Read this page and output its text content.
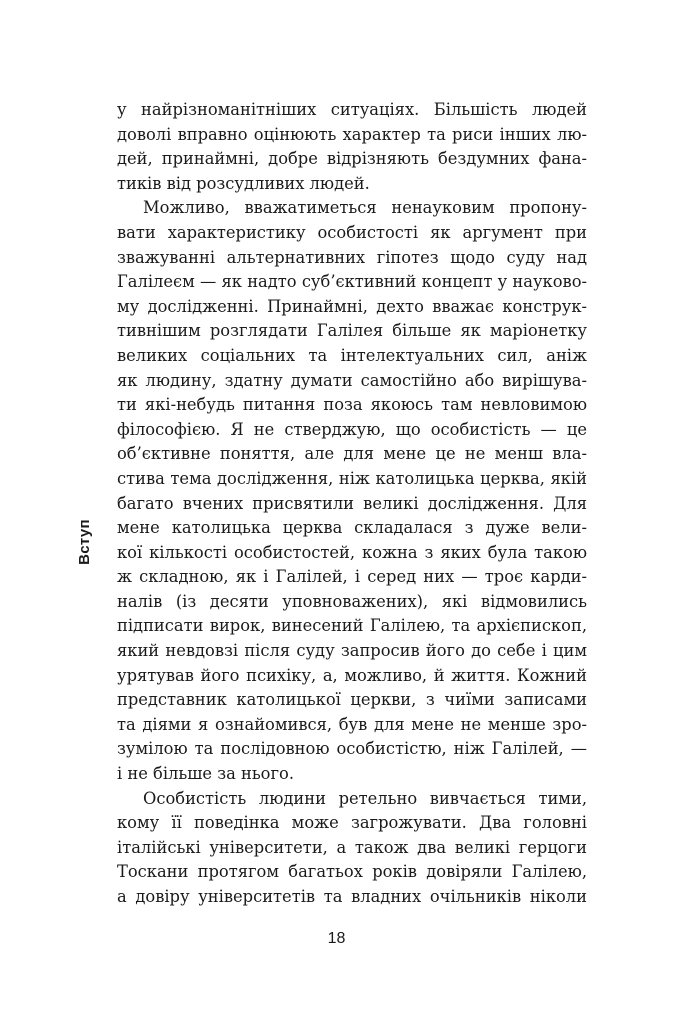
Вступ
у найрізноманітніших ситуаціях. Більшість людей
доволі вправно оцінюють характер та риси інших лю-
дей, принаймні, добре відрізняють бездумних фана-
тиків від розсудливих людей.
Можливо, вважатиметься ненауковим пропону-
вати характеристику особистості як аргумент при
зважуванні альтернативних гіпотез щодо суду над
Галілеєм — як надто суб’єктивний концепт у науково-
му дослідженні. Принаймні, дехто вважає конструк-
тивнішим розглядати Галілея більше як маріонетку
великих соціальних та інтелектуальних сил, аніж
як людину, здатну думати самостійно або вирішува-
ти які-небудь питання поза якоюсь там невловимою
філософією. Я не стверджую, що особистість — це
об’єктивне поняття, але для мене це не менш вла-
стива тема дослідження, ніж католицька церква, якій
багато вчених присвятили великі дослідження. Для
мене католицька церква складалася з дуже вели-
кої кількості особистостей, кожна з яких була такою
ж складною, як і Галілей, і серед них — троє карди-
налів (із десяти уповноважених), які відмовились
підписати вирок, винесений Галілею, та архієпископ,
який невдовзі після суду запросив його до себе і цим
урятував його психіку, а, можливо, й життя. Кожний
представник католицької церкви, з чиїми записами
та діями я ознайомився, був для мене не менше зро-
зумілою та послідовною особистістю, ніж Галілей, —
і не більше за нього.
Особистість людини ретельно вивчається тими,
кому її поведінка може загрожувати. Два головні
італійські університети, а також два великі герцоги
Тоскани протягом багатьох років довіряли Галілею,
а довіру університетів та владних очільників ніколи
18
